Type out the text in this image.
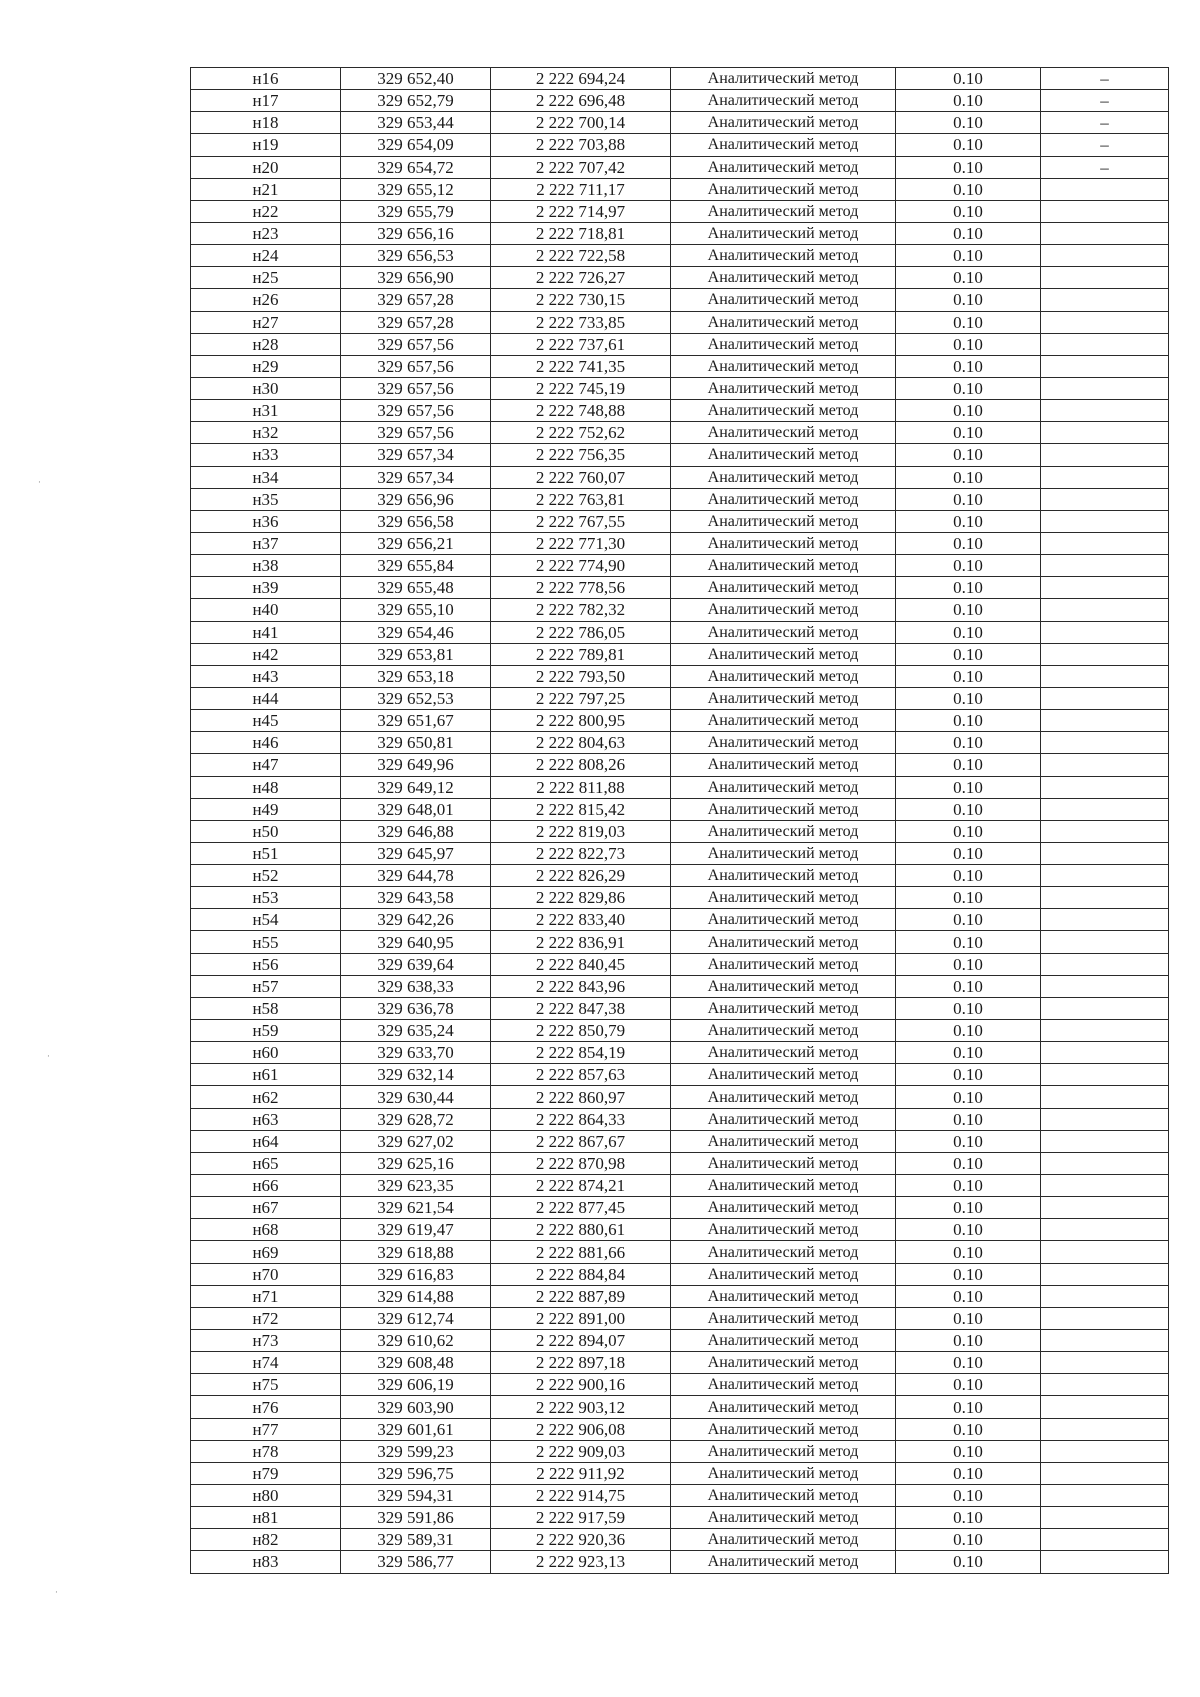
н16	329 652,40	2 222 694,24	Аналитический метод	0.10	–
н17	329 652,79	2 222 696,48	Аналитический метод	0.10	–
н18	329 653,44	2 222 700,14	Аналитический метод	0.10	–
н19	329 654,09	2 222 703,88	Аналитический метод	0.10	–
н20	329 654,72	2 222 707,42	Аналитический метод	0.10	–
н21	329 655,12	2 222 711,17	Аналитический метод	0.10	
н22	329 655,79	2 222 714,97	Аналитический метод	0.10	
н23	329 656,16	2 222 718,81	Аналитический метод	0.10	
н24	329 656,53	2 222 722,58	Аналитический метод	0.10	
н25	329 656,90	2 222 726,27	Аналитический метод	0.10	
н26	329 657,28	2 222 730,15	Аналитический метод	0.10	
н27	329 657,28	2 222 733,85	Аналитический метод	0.10	
н28	329 657,56	2 222 737,61	Аналитический метод	0.10	
н29	329 657,56	2 222 741,35	Аналитический метод	0.10	
н30	329 657,56	2 222 745,19	Аналитический метод	0.10	
н31	329 657,56	2 222 748,88	Аналитический метод	0.10	
н32	329 657,56	2 222 752,62	Аналитический метод	0.10	
н33	329 657,34	2 222 756,35	Аналитический метод	0.10	
н34	329 657,34	2 222 760,07	Аналитический метод	0.10	
н35	329 656,96	2 222 763,81	Аналитический метод	0.10	
н36	329 656,58	2 222 767,55	Аналитический метод	0.10	
н37	329 656,21	2 222 771,30	Аналитический метод	0.10	
н38	329 655,84	2 222 774,90	Аналитический метод	0.10	
н39	329 655,48	2 222 778,56	Аналитический метод	0.10	
н40	329 655,10	2 222 782,32	Аналитический метод	0.10	
н41	329 654,46	2 222 786,05	Аналитический метод	0.10	
н42	329 653,81	2 222 789,81	Аналитический метод	0.10	
н43	329 653,18	2 222 793,50	Аналитический метод	0.10	
н44	329 652,53	2 222 797,25	Аналитический метод	0.10	
н45	329 651,67	2 222 800,95	Аналитический метод	0.10	
н46	329 650,81	2 222 804,63	Аналитический метод	0.10	
н47	329 649,96	2 222 808,26	Аналитический метод	0.10	
н48	329 649,12	2 222 811,88	Аналитический метод	0.10	
н49	329 648,01	2 222 815,42	Аналитический метод	0.10	
н50	329 646,88	2 222 819,03	Аналитический метод	0.10	
н51	329 645,97	2 222 822,73	Аналитический метод	0.10	
н52	329 644,78	2 222 826,29	Аналитический метод	0.10	
н53	329 643,58	2 222 829,86	Аналитический метод	0.10	
н54	329 642,26	2 222 833,40	Аналитический метод	0.10	
н55	329 640,95	2 222 836,91	Аналитический метод	0.10	
н56	329 639,64	2 222 840,45	Аналитический метод	0.10	
н57	329 638,33	2 222 843,96	Аналитический метод	0.10	
н58	329 636,78	2 222 847,38	Аналитический метод	0.10	
н59	329 635,24	2 222 850,79	Аналитический метод	0.10	
н60	329 633,70	2 222 854,19	Аналитический метод	0.10	
н61	329 632,14	2 222 857,63	Аналитический метод	0.10	
н62	329 630,44	2 222 860,97	Аналитический метод	0.10	
н63	329 628,72	2 222 864,33	Аналитический метод	0.10	
н64	329 627,02	2 222 867,67	Аналитический метод	0.10	
н65	329 625,16	2 222 870,98	Аналитический метод	0.10	
н66	329 623,35	2 222 874,21	Аналитический метод	0.10	
н67	329 621,54	2 222 877,45	Аналитический метод	0.10	
н68	329 619,47	2 222 880,61	Аналитический метод	0.10	
н69	329 618,88	2 222 881,66	Аналитический метод	0.10	
н70	329 616,83	2 222 884,84	Аналитический метод	0.10	
н71	329 614,88	2 222 887,89	Аналитический метод	0.10	
н72	329 612,74	2 222 891,00	Аналитический метод	0.10	
н73	329 610,62	2 222 894,07	Аналитический метод	0.10	
н74	329 608,48	2 222 897,18	Аналитический метод	0.10	
н75	329 606,19	2 222 900,16	Аналитический метод	0.10	
н76	329 603,90	2 222 903,12	Аналитический метод	0.10	
н77	329 601,61	2 222 906,08	Аналитический метод	0.10	
н78	329 599,23	2 222 909,03	Аналитический метод	0.10	
н79	329 596,75	2 222 911,92	Аналитический метод	0.10	
н80	329 594,31	2 222 914,75	Аналитический метод	0.10	
н81	329 591,86	2 222 917,59	Аналитический метод	0.10	
н82	329 589,31	2 222 920,36	Аналитический метод	0.10	
н83	329 586,77	2 222 923,13	Аналитический метод	0.10	
·
·
·
